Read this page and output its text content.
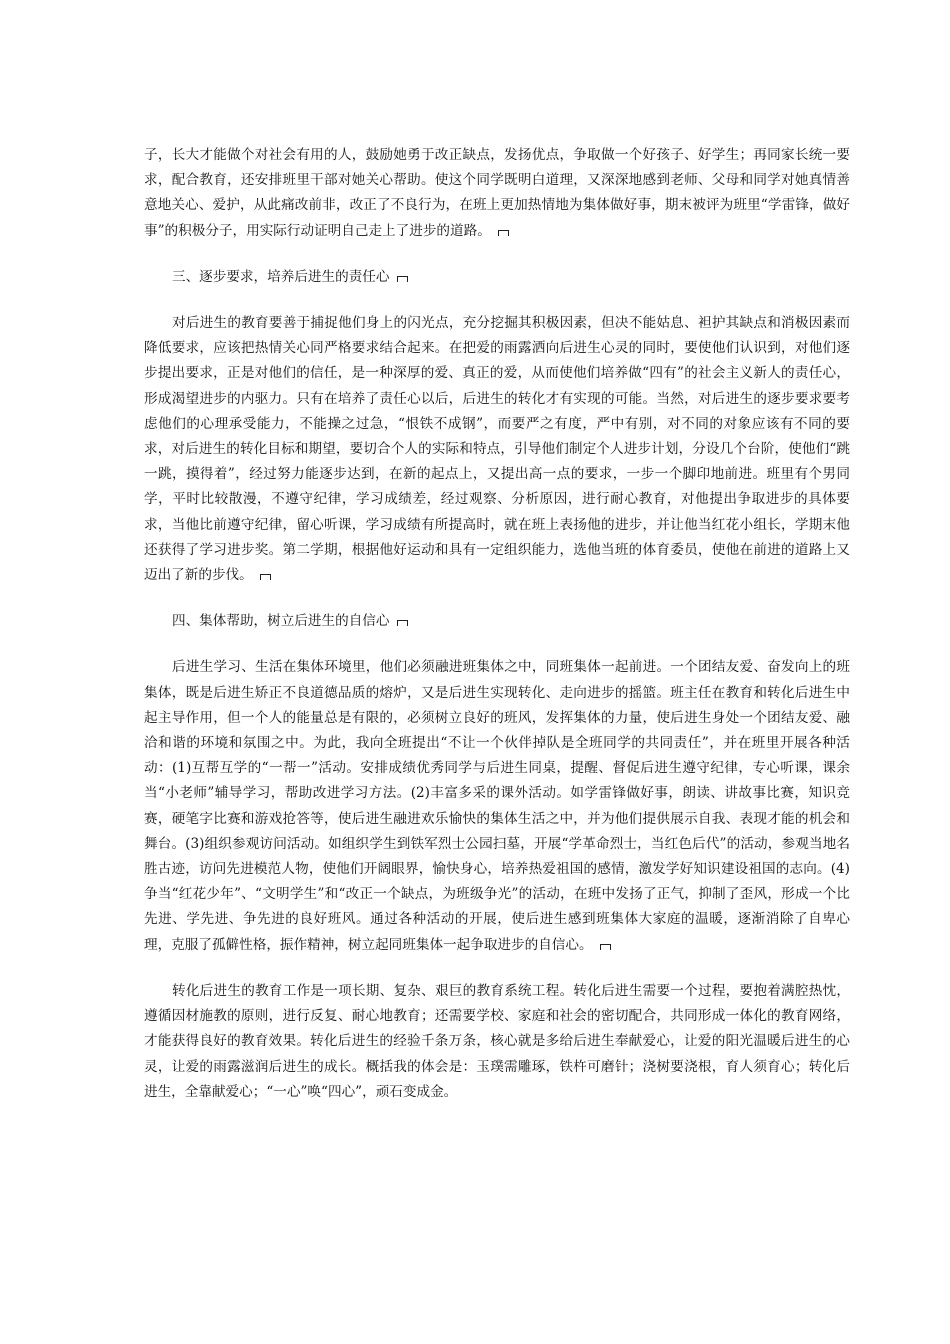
子，长大才能做个对社会有用的人，鼓励她勇于改正缺点，发扬优点，争取做一个好孩子、好学生；再同家长统一要求，配合教育，还安排班里干部对她关心帮助。使这个同学既明白道理，又深深地感到老师、父母和同学对她真情善意地关心、爱护，从此痛改前非，改正了不良行为，在班上更加热情地为集体做好事，期末被评为班里“学雷锋，做好事”的积极分子，用实际行动证明自己走上了进步的道路。

三、逐步要求，培养后进生的责任心

对后进生的教育要善于捕捉他们身上的闪光点，充分挖掘其积极因素，但决不能姑息、袒护其缺点和消极因素而降低要求，应该把热情关心同严格要求结合起来。在把爱的雨露洒向后进生心灵的同时，要使他们认识到，对他们逐步提出要求，正是对他们的信任，是一种深厚的爱、真正的爱，从而使他们培养做“四有”的社会主义新人的责任心，形成渴望进步的内驱力。只有在培养了责任心以后，后进生的转化才有实现的可能。当然，对后进生的逐步要求要考虑他们的心理承受能力，不能操之过急，“恨铁不成钢”，而要严之有度，严中有别，对不同的对象应该有不同的要求，对后进生的转化目标和期望，要切合个人的实际和特点，引导他们制定个人进步计划，分设几个台阶，使他们“跳一跳，摸得着”，经过努力能逐步达到，在新的起点上，又提出高一点的要求，一步一个脚印地前进。班里有个男同学，平时比较散漫，不遵守纪律，学习成绩差，经过观察、分析原因，进行耐心教育，对他提出争取进步的具体要求，当他比前遵守纪律，留心听课，学习成绩有所提高时，就在班上表扬他的进步，并让他当红花小组长，学期末他还获得了学习进步奖。第二学期，根据他好运动和具有一定组织能力，选他当班的体育委员，使他在前进的道路上又迈出了新的步伐。

四、集体帮助，树立后进生的自信心

后进生学习、生活在集体环境里，他们必须融进班集体之中，同班集体一起前进。一个团结友爱、奋发向上的班集体，既是后进生矫正不良道德品质的熔炉，又是后进生实现转化、走向进步的摇篮。班主任在教育和转化后进生中起主导作用，但一个人的能量总是有限的，必须树立良好的班风，发挥集体的力量，使后进生身处一个团结友爱、融洽和谐的环境和氛围之中。为此，我向全班提出“不让一个伙伴掉队是全班同学的共同责任”，并在班里开展各种活动：(1)互帮互学的“一帮一”活动。安排成绩优秀同学与后进生同桌，提醒、督促后进生遵守纪律，专心听课，课余当“小老师”辅导学习，帮助改进学习方法。(2)丰富多采的课外活动。如学雷锋做好事，朗读、讲故事比赛，知识竞赛，硬笔字比赛和游戏抢答等，使后进生融进欢乐愉快的集体生活之中，并为他们提供展示自我、表现才能的机会和舞台。(3)组织参观访问活动。如组织学生到铁军烈士公园扫墓，开展“学革命烈士，当红色后代”的活动，参观当地名胜古迹，访问先进模范人物，使他们开阔眼界，愉快身心，培养热爱祖国的感情，激发学好知识建设祖国的志向。(4)争当“红花少年”、“文明学生”和“改正一个缺点，为班级争光”的活动，在班中发扬了正气，抑制了歪风，形成一个比先进、学先进、争先进的良好班风。通过各种活动的开展，使后进生感到班集体大家庭的温暖，逐渐消除了自卑心理，克服了孤僻性格，振作精神，树立起同班集体一起争取进步的自信心。

转化后进生的教育工作是一项长期、复杂、艰巨的教育系统工程。转化后进生需要一个过程，要抱着满腔热忱，遵循因材施教的原则，进行反复、耐心地教育；还需要学校、家庭和社会的密切配合，共同形成一体化的教育网络，才能获得良好的教育效果。转化后进生的经验千条万条，核心就是多给后进生奉献爱心，让爱的阳光温暖后进生的心灵，让爱的雨露滋润后进生的成长。概括我的体会是：玉璞需雕琢，铁杵可磨针；浇树要浇根，育人须育心；转化后进生，全靠献爱心；“一心”唤“四心”，顽石变成金。
